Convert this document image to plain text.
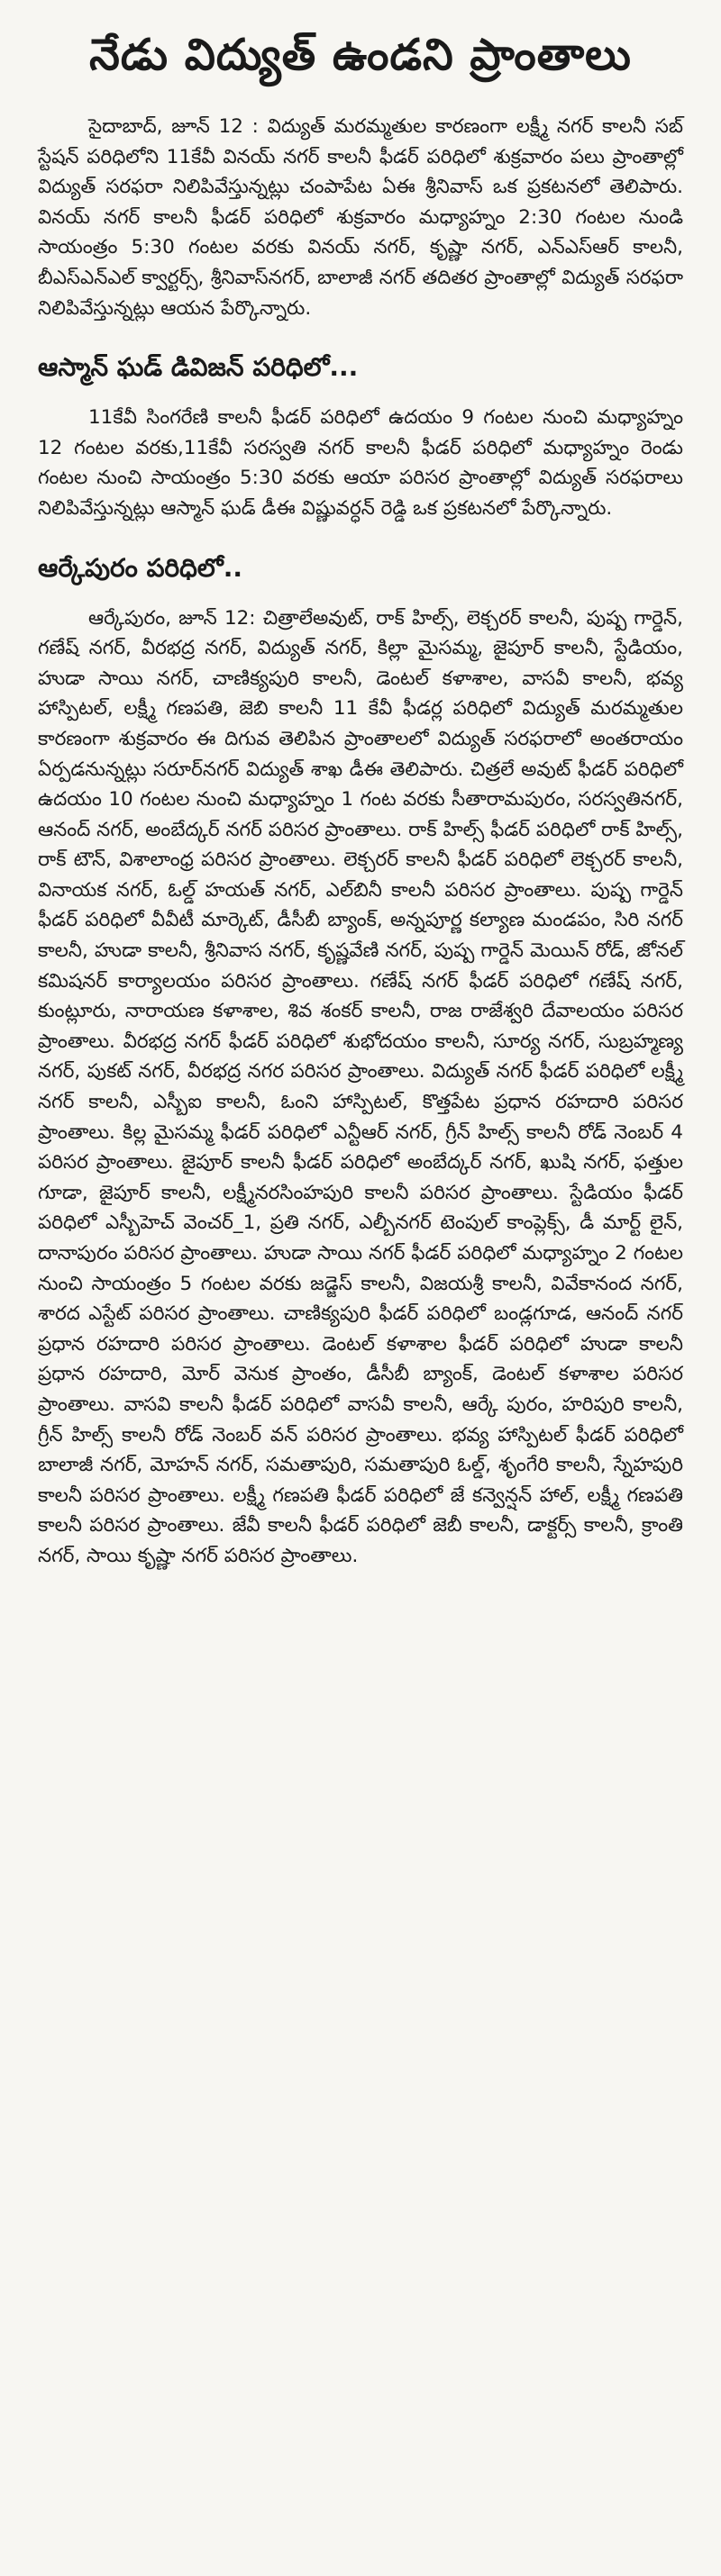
నేడు విద్యుత్‌ ఉండని ప్రాంతాలు

సైదాబాద్‌, జూన్‌ 12 : విద్యుత్‌ మరమ్మతుల కారణంగా లక్ష్మీ నగర్‌ కాలనీ సబ్‌ స్టేషన్‌ పరిధిలోని 11కేవీ వినయ్‌ నగర్‌ కాలనీ ఫీడర్‌ పరిధిలో శుక్రవారం పలు ప్రాంతాల్లో విద్యుత్‌ సరఫరా నిలిపివేస్తున్నట్లు చంపాపేట ఏఈ శ్రీనివాస్‌ ఒక ప్రకటనలో తెలిపారు. వినయ్‌ నగర్‌ కాలనీ ఫీడర్‌ పరిధిలో శుక్రవారం మధ్యాహ్నం 2:30 గంటల నుండి సాయంత్రం 5:30 గంటల వరకు వినయ్‌ నగర్‌, కృష్ణా నగర్‌, ఎన్‌ఎస్‌ఆర్‌ కాలనీ, బీఎస్‌ఎన్‌ఎల్‌ క్వార్టర్స్‌, శ్రీనివాస్‌నగర్‌, బాలాజీ నగర్‌ తదితర ప్రాంతాల్లో విద్యుత్‌ సరఫరా నిలిపివేస్తున్నట్లు ఆయన పేర్కొన్నారు.

ఆస్మాన్‌ ఘడ్‌ డివిజన్‌ పరిధిలో...

11కేవీ సింగరేణి కాలనీ ఫీడర్‌ పరిధిలో ఉదయం 9 గంటల నుంచి మధ్యాహ్నం 12 గంటల వరకు,11కేవీ సరస్వతి నగర్‌ కాలనీ ఫీడర్‌ పరిధిలో మధ్యాహ్నం రెండు గంటల నుంచి సాయంత్రం 5:30 వరకు ఆయా పరిసర ప్రాంతాల్లో విద్యుత్‌ సరఫరాలు నిలిపివేస్తున్నట్లు ఆస్మాన్‌ ఘడ్‌ డీఈ విష్ణువర్ధన్‌ రెడ్డి ఒక ప్రకటనలో పేర్కొన్నారు.

ఆర్కేపురం పరిధిలో..

ఆర్కేపురం, జూన్‌ 12: చిత్రాలేఅవుట్‌, రాక్‌ హిల్స్‌, లెక్చరర్‌ కాలనీ, పుష్ప గార్డెన్‌, గణేష్‌ నగర్‌, వీరభద్ర నగర్‌, విద్యుత్‌ నగర్‌, కిల్లా మైసమ్మ, జైపూర్‌ కాలనీ, స్టేడియం, హుడా సాయి నగర్‌, చాణిక్యపురి కాలనీ, డెంటల్‌ కళాశాల, వాసవీ కాలనీ, భవ్య హాస్పిటల్‌, లక్ష్మీ గణపతి, జెబి కాలనీ 11 కేవీ ఫీడర్ల పరిధిలో విద్యుత్‌ మరమ్మతుల కారణంగా శుక్రవారం ఈ దిగువ తెలిపిన ప్రాంతాలలో విద్యుత్‌ సరఫరాలో అంతరాయం ఏర్పడనున్నట్లు సరూర్‌నగర్‌ విద్యుత్‌ శాఖ డీఈ తెలిపారు. చిత్రలే అవుట్‌ ఫీడర్‌ పరిధిలో ఉదయం 10 గంటల నుంచి మధ్యాహ్నం 1 గంట వరకు సీతారామపురం, సరస్వతినగర్‌, ఆనంద్‌ నగర్‌, అంబేద్కర్‌ నగర్‌ పరిసర ప్రాంతాలు. రాక్‌ హిల్స్‌ ఫీడర్‌ పరిధిలో రాక్‌ హిల్స్‌, రాక్‌ టౌన్‌, విశాలాంధ్ర పరిసర ప్రాంతాలు. లెక్చరర్‌ కాలనీ ఫీడర్‌ పరిధిలో లెక్చరర్‌ కాలనీ, వినాయక నగర్‌, ఓల్డ్‌ హయత్‌ నగర్‌, ఎల్‌బినీ కాలనీ పరిసర ప్రాంతాలు. పుష్ప గార్డెన్‌ ఫీడర్‌ పరిధిలో వీవీటీ మార్కెట్‌, డీసీబీ బ్యాంక్‌, అన్నపూర్ణ కల్యాణ మండపం, సిరి నగర్‌ కాలనీ, హుడా కాలనీ, శ్రీనివాస నగర్‌, కృష్ణవేణి నగర్‌, పుష్ప గార్డెన్‌ మెయిన్‌ రోడ్‌, జోనల్‌ కమిషనర్‌ కార్యాలయం పరిసర ప్రాంతాలు. గణేష్‌ నగర్‌ ఫీడర్‌ పరిధిలో గణేష్‌ నగర్‌, కుంట్లూరు, నారాయణ కళాశాల, శివ శంకర్‌ కాలనీ, రాజ రాజేశ్వరి దేవాలయం పరిసర ప్రాంతాలు. వీరభద్ర నగర్‌ ఫీడర్‌ పరిధిలో శుభోదయం కాలనీ, సూర్య నగర్‌, సుబ్రహ్మణ్య నగర్‌, పుకట్‌ నగర్‌, వీరభద్ర నగర పరిసర ప్రాంతాలు. విద్యుత్‌ నగర్‌ ఫీడర్‌ పరిధిలో లక్ష్మీ నగర్‌ కాలనీ, ఎస్బీఐ కాలనీ, ఓంని హాస్పిటల్‌, కొత్తపేట ప్రధాన రహదారి పరిసర ప్రాంతాలు. కిల్ల మైసమ్మ ఫీడర్‌ పరిధిలో ఎన్టీఆర్‌ నగర్‌, గ్రీన్‌ హిల్స్‌ కాలనీ రోడ్‌ నెంబర్‌ 4 పరిసర ప్రాంతాలు. జైపూర్‌ కాలనీ ఫీడర్‌ పరిధిలో అంబేద్కర్‌ నగర్‌, ఖుషి నగర్‌, ఫత్తుల గూడా, జైపూర్‌ కాలనీ, లక్ష్మీనరసింహపురి కాలనీ పరిసర ప్రాంతాలు. స్టేడియం ఫీడర్‌ పరిధిలో ఎస్బీహెచ్‌ వెంచర్‌_1, ప్రతి నగర్‌, ఎల్బీనగర్‌ టెంపుల్‌ కాంప్లెక్స్‌, డీ మార్ట్‌ లైన్‌, దానాపురం పరిసర ప్రాంతాలు. హుడా సాయి నగర్‌ ఫీడర్‌ పరిధిలో మధ్యాహ్నం 2 గంటల నుంచి సాయంత్రం 5 గంటల వరకు జడ్జెస్‌ కాలనీ, విజయశ్రీ కాలనీ, వివేకానంద నగర్‌, శారద ఎస్టేట్‌ పరిసర ప్రాంతాలు. చాణిక్యపురి ఫీడర్‌ పరిధిలో బండ్లగూడ, ఆనంద్‌ నగర్‌ ప్రధాన రహదారి పరిసర ప్రాంతాలు. డెంటల్‌ కళాశాల ఫీడర్‌ పరిధిలో హుడా కాలనీ ప్రధాన రహదారి, మోర్‌ వెనుక ప్రాంతం, డీసీబీ బ్యాంక్‌, డెంటల్‌ కళాశాల పరిసర ప్రాంతాలు. వాసవి కాలనీ ఫీడర్‌ పరిధిలో వాసవీ కాలనీ, ఆర్కే పురం, హరిపురి కాలనీ, గ్రీన్‌ హిల్స్‌ కాలనీ రోడ్‌ నెంబర్‌ వన్‌ పరిసర ప్రాంతాలు. భవ్య హాస్పిటల్‌ ఫీడర్‌ పరిధిలో బాలాజీ నగర్‌, మోహన్‌ నగర్‌, సమతాపురి, సమతాపురి ఓల్డ్‌, శృంగేరి కాలనీ, స్నేహపురి కాలనీ పరిసర ప్రాంతాలు. లక్ష్మీ గణపతి ఫీడర్‌ పరిధిలో జే కన్వెన్షన్‌ హాల్‌, లక్ష్మీ గణపతి కాలనీ పరిసర ప్రాంతాలు. జేవీ కాలనీ ఫీడర్‌ పరిధిలో జెబీ కాలనీ, డాక్టర్స్‌ కాలనీ, క్రాంతి నగర్‌, సాయి కృష్ణా నగర్‌ పరిసర ప్రాంతాలు.
